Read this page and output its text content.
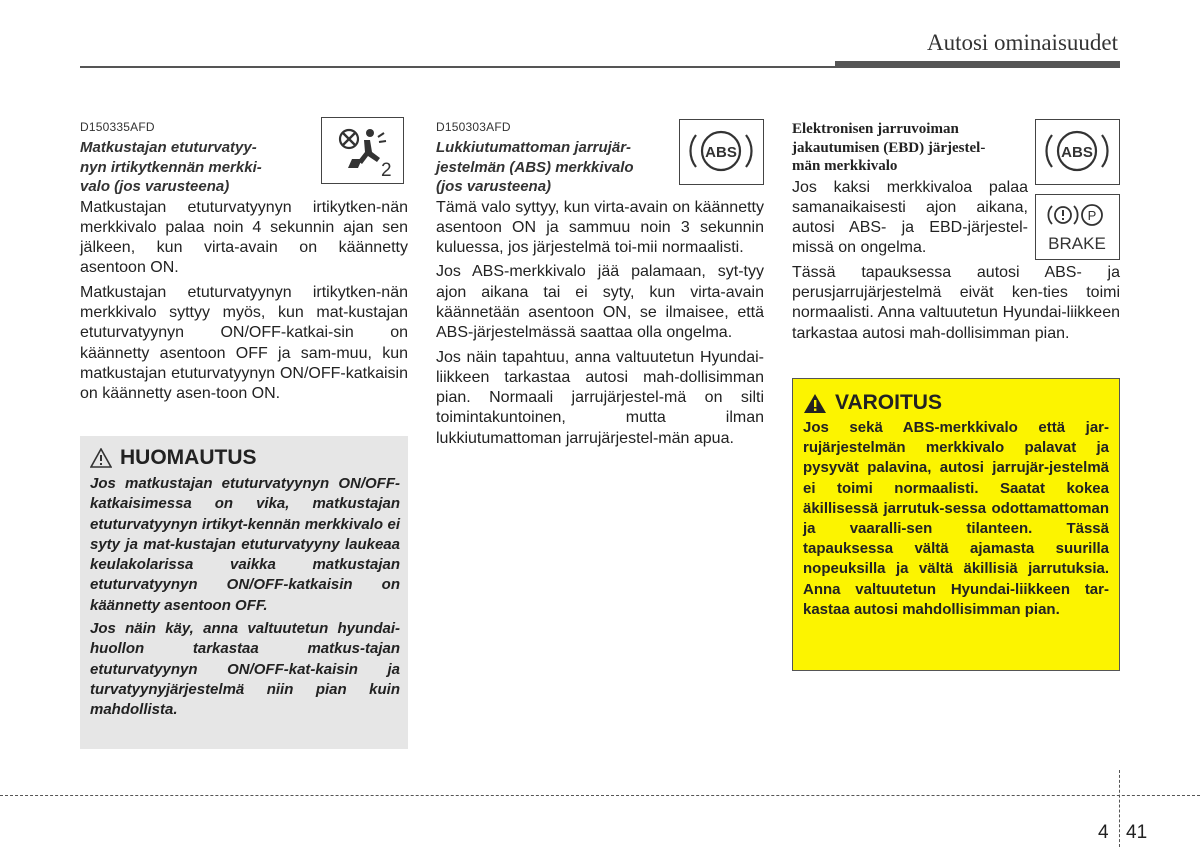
Autosi ominaisuudet
D150335AFD
Matkustajan etuturvatyy-
nyn irtikytkennän merkki-
valo (jos varusteena)

Matkustajan etuturvatyynyn irtikytken-nän merkkivalo palaa noin 4 sekunnin ajan sen jälkeen, kun virta-avain on käännetty asentoon ON.

Matkustajan etuturvatyynyn irtikytken-nän merkkivalo syttyy myös, kun mat-kustajan etuturvatyynyn ON/OFF-katkai-sin on käännetty asentoon OFF ja sam-muu, kun matkustajan etuturvatyynyn ON/OFF-katkaisin on käännetty asen-toon ON.

2
HUOMAUTUS

Jos matkustajan etuturvatyynyn ON/OFF-katkaisimessa on vika, matkustajan etuturvatyynyn irtikyt-kennän merkkivalo ei syty ja mat-kustajan etuturvatyyny laukeaa keulakolarissa vaikka matkustajan etuturvatyynyn ON/OFF-katkaisin on käännetty asentoon OFF.

Jos näin käy, anna valtuutetun hyundai-huollon tarkastaa matkus-tajan etuturvatyynyn ON/OFF-kat-kaisin ja turvatyynyjärjestelmä niin pian kuin mahdollista.

D150303AFD
Lukkiutumattoman jarrujär-
jestelmän (ABS) merkkivalo
(jos varusteena)

Tämä valo syttyy, kun virta-avain on käännetty asentoon ON ja sammuu noin 3 sekunnin kuluessa, jos järjestelmä toi-mii normaalisti.

Jos ABS-merkkivalo jää palamaan, syt-tyy ajon aikana tai ei syty, kun virta-avain käännetään asentoon ON, se ilmaisee, että ABS-järjestelmässä saattaa olla ongelma.

Jos näin tapahtuu, anna valtuutetun Hyundai-liikkeen tarkastaa autosi mah-dollisimman pian. Normaali jarrujärjestel-mä on silti toimintakuntoinen, mutta ilman lukkiutumattoman jarrujärjestel-män apua.

ABS
Elektronisen jarruvoiman
jakautumisen (EBD) järjestel-
män merkkivalo

Jos kaksi merkkivaloa palaa samanaikaisesti ajon aikana, autosi ABS- ja EBD-järjestel-missä on ongelma.

Tässä tapauksessa autosi ABS- ja perusjarrujärjestelmä eivät ken-ties toimi normaalisti. Anna valtuutetun Hyundai-liikkeen tarkastaa autosi mah-dollisimman pian.

ABS
P
BRAKE
VAROITUS

Jos sekä ABS-merkkivalo että jar-rujärjestelmän merkkivalo palavat ja pysyvät palavina, autosi jarrujär-jestelmä ei toimi normaalisti. Saatat kokea äkillisessä jarrutuk-sessa odottamattoman ja vaaralli-sen tilanteen. Tässä tapauksessa vältä ajamasta suurilla nopeuksilla ja vältä äkillisiä jarrutuksia. Anna valtuutetun Hyundai-liikkeen tar-kastaa autosi mahdollisimman pian.

4 41
